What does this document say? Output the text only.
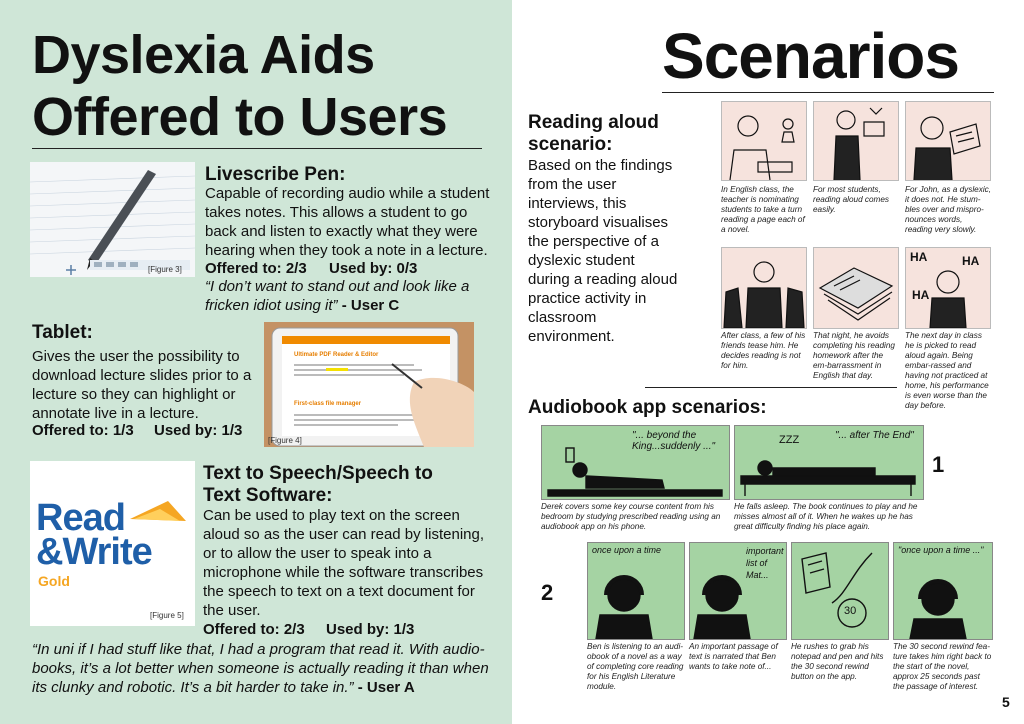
Dyslexia Aids
Offered to Users
[Figure 3]
Livescribe Pen:
Capable of recording audio while a student takes notes. This allows a student to go back and listen to exactly what they were hearing when they took a note in a lecture.
Offered to: 2/3 Used by: 0/3
“I don’t want to stand out and look like a fricken idiot using it” - User C
Tablet:
Gives the user the possibility to download lecture slides prior to a lecture so they can highlight or annotate live in a lecture.
Offered to: 1/3 Used by: 1/3
Ultimate PDF Reader & Editor
First-class file manager
[Figure 4]
Read
&Write
Gold
[Figure 5]
Text to Speech/Speech to
Text Software:
Can be used to play text on the screen aloud so as the user can read by listening, or to allow the user to speak into a microphone while the software transcribes the speech to text on a text document for the user.
Offered to: 2/3 Used by: 1/3
“In uni if I had stuff like that, I had a program that read it. With audio-books, it’s a lot better when someone is actually reading it than when its clunky and robotic. It’s a bit harder to take in.” - User A
Scenarios
Reading aloud
scenario:
Based on the findings from the user interviews, this storyboard visualises the perspective of a dyslexic student during a reading aloud practice activity in classroom environment.
In English class, the teacher is nominating students to take a turn reading a page each of a novel.
For most students, reading aloud comes easily.
For John, as a dyslexic, it does not. He stum-bles over and mispro-nounces words, reading very slowly.
HA	HA
HA
After class, a few of his friends tease him. He decides reading is not for him.
That night, he avoids completing his reading homework after the em-barrassment in English that day.
The next day in class he is picked to read aloud again. Being embar-rassed and having not practiced at home, his performance is even worse than the day before.
Audiobook app scenarios:
"... beyond the King...suddenly ..."
ZZZ	"... after The End"
1
Derek covers some key course content from his bedroom by studying prescribed reading using an audiobook app on his phone.
He falls asleep. The book continues to play and he misses almost all of it. When he wakes up he has great difficulty finding his place again.
2
once upon a time	important list of Mat...
30
"once upon a time ..."
Ben is listening to an audi-obook of a novel as a way of completing core reading for his English Literature module.
An important passage of text is narrated that Ben wants to take note of...
He rushes to grab his notepad and pen and hits the 30 second rewind button on the app.
The 30 second rewind fea-ture takes him right back to the start of the novel, approx 25 seconds past the passage of interest.
5
